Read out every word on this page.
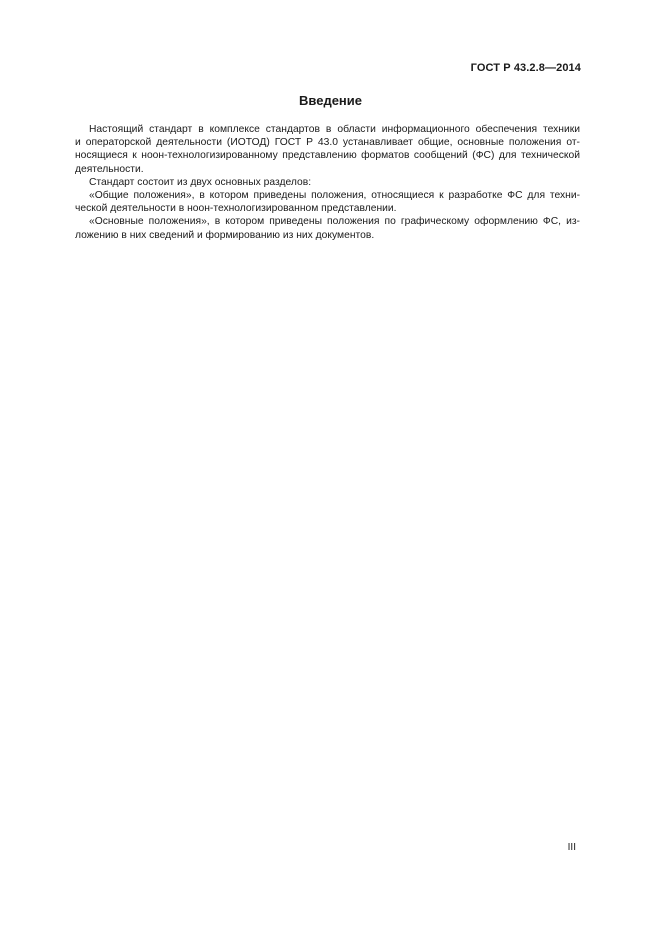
ГОСТ Р 43.2.8—2014
Введение

Настоящий стандарт в комплексе стандартов в области информационного обеспечения техники
и операторской деятельности (ИОТОД) ГОСТ Р 43.0 устанавливает общие, основные положения от-
носящиеся к ноон-технологизированному представлению форматов сообщений (ФС) для технической
деятельности.

Стандарт состоит из двух основных разделов:

«Общие положения», в котором приведены положения, относящиеся к разработке ФС для техни-
ческой деятельности в ноон-технологизированном представлении.

«Основные положения», в котором приведены положения по графическому оформлению ФС, из-
ложению в них сведений и формированию из них документов.

III
